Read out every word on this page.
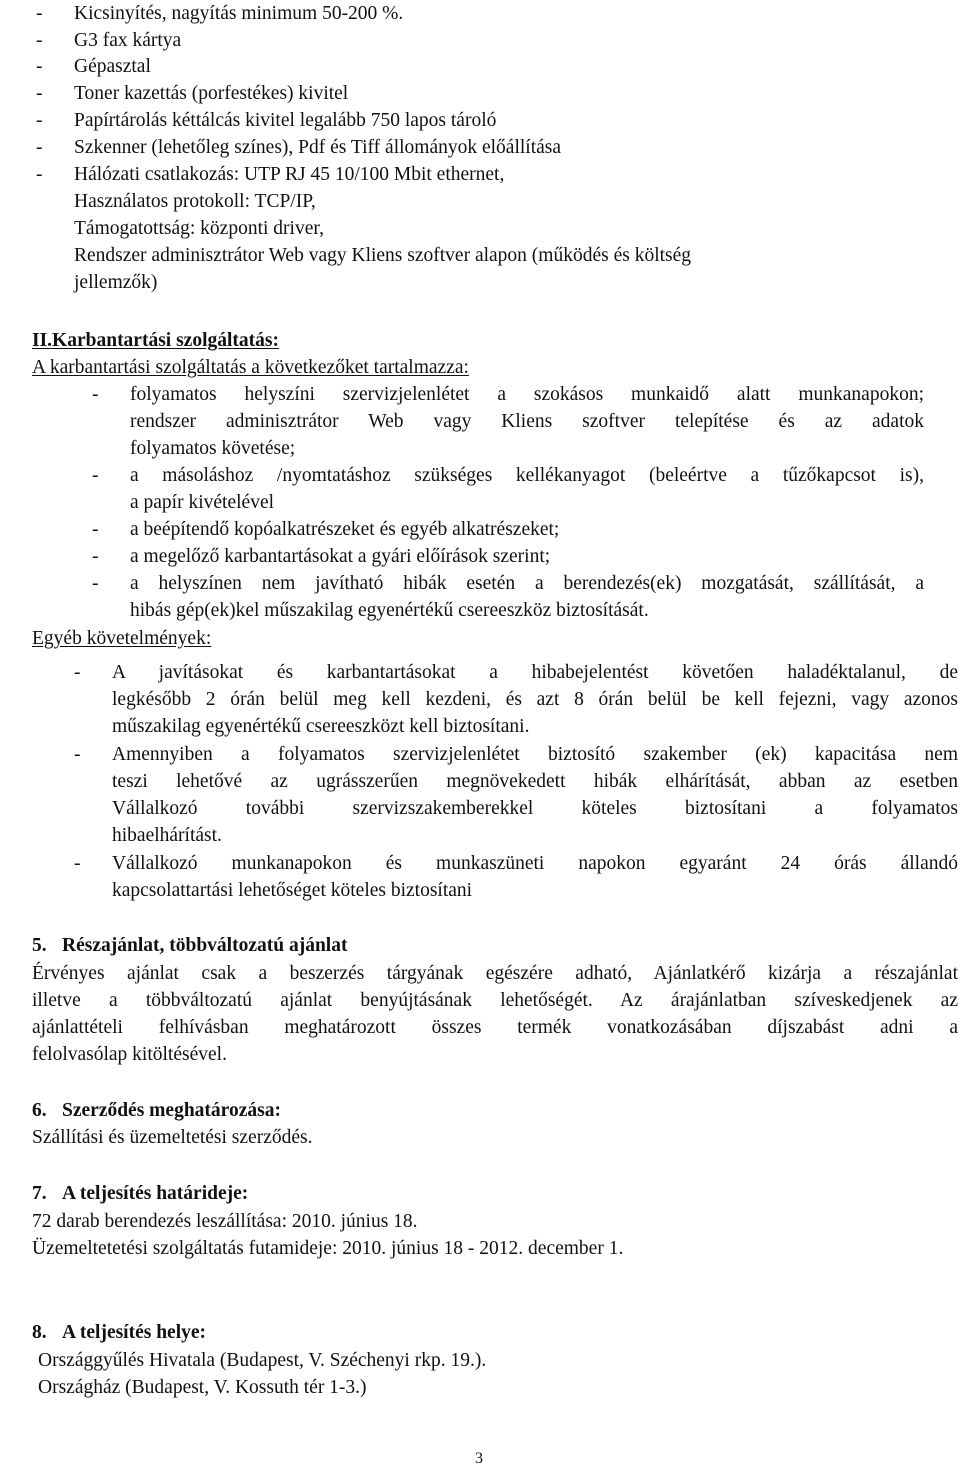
- Kicsinyítés, nagyítás minimum 50-200 %.
- G3 fax kártya
- Gépasztal
- Toner kazettás (porfestékes) kivitel
- Papírtárolás kéttálcás kivitel legalább 750 lapos tároló
- Szkenner (lehetőleg színes), Pdf és Tiff állományok előállítása
- Hálózati csatlakozás: UTP RJ 45 10/100 Mbit ethernet,
Használatos protokoll: TCP/IP,
Támogatottság: központi driver,
Rendszer adminisztrátor Web vagy Kliens szoftver alapon (működés és költség
jellemzők)
II.Karbantartási szolgáltatás:
A karbantartási szolgáltatás a következőket tartalmazza:
- folyamatos helyszíni szervizjelenlétet a szokásos munkaidő alatt munkanapokon;
rendszer adminisztrátor Web vagy Kliens szoftver telepítése és az adatok
folyamatos követése;
- a másoláshoz /nyomtatáshoz szükséges kellékanyagot (beleértve a tűzőkapcsot is),
a papír kivételével
- a beépítendő kopóalkatrészeket és egyéb alkatrészeket;
- a megelőző karbantartásokat a gyári előírások szerint;
- a helyszínen nem javítható hibák esetén a berendezés(ek) mozgatását, szállítását, a
hibás gép(ek)kel műszakilag egyenértékű csereeszköz biztosítását.
Egyéb követelmények:
- A javításokat és karbantartásokat a hibabejelentést követően haladéktalanul, de
legkésőbb 2 órán belül meg kell kezdeni, és azt 8 órán belül be kell fejezni, vagy azonos
műszakilag egyenértékű csereeszközt kell biztosítani.
- Amennyiben a folyamatos szervizjelenlétet biztosító szakember (ek) kapacitása nem
teszi lehetővé az ugrásszerűen megnövekedett hibák elhárítását, abban az esetben
Vállalkozó további szervizszakemberekkel köteles biztosítani a folyamatos
hibaelhárítást.
- Vállalkozó munkanapokon és munkaszüneti napokon egyaránt 24 órás állandó
kapcsolattartási lehetőséget köteles biztosítani
5. Részajánlat, többváltozatú ajánlat
Érvényes ajánlat csak a beszerzés tárgyának egészére adható, Ajánlatkérő kizárja a részajánlat
illetve a többváltozatú ajánlat benyújtásának lehetőségét. Az árajánlatban szíveskedjenek az
ajánlattételi felhívásban meghatározott összes termék vonatkozásában díjszabást adni a
felolvasólap kitöltésével.
6. Szerződés meghatározása:
Szállítási és üzemeltetési szerződés.
7. A teljesítés határideje:
72 darab berendezés leszállítása: 2010. június 18.
Üzemeltetetési szolgáltatás futamideje: 2010. június 18 - 2012. december 1.
8. A teljesítés helye:
Országgyűlés Hivatala (Budapest, V. Széchenyi rkp. 19.).
Országház (Budapest, V. Kossuth tér 1-3.)
3
